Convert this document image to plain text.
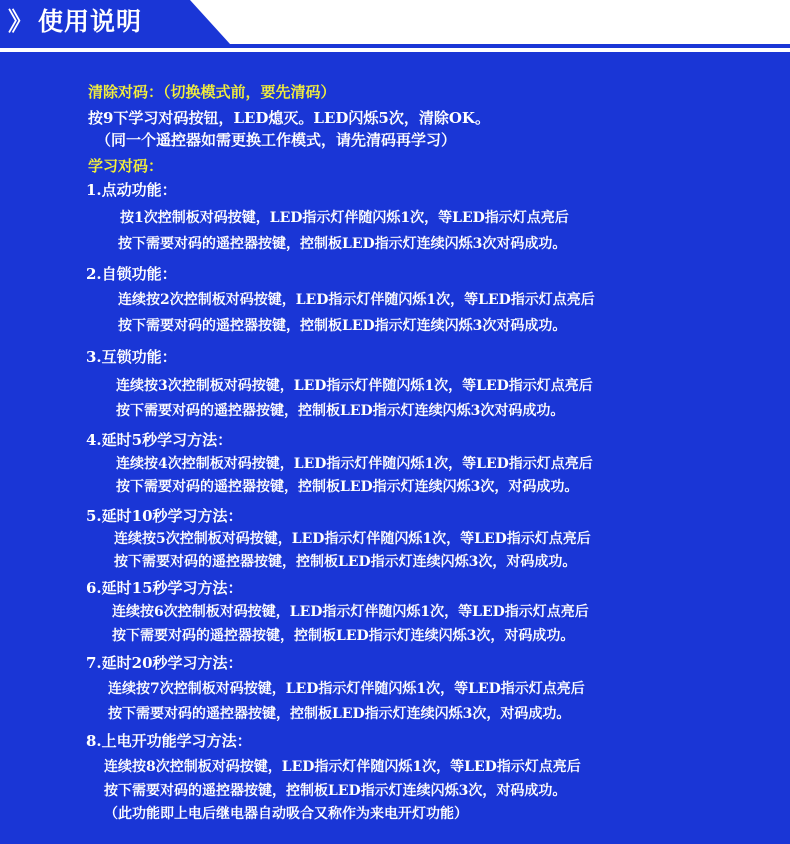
》 使用说明
清除对码：（切换模式前，要先清码）
按9下学习对码按钮，LED熄灭。LED闪烁5次，清除OK。
（同一个遥控器如需更换工作模式，请先清码再学习）
学习对码：
1.点动功能：
按1次控制板对码按键，LED指示灯伴随闪烁1次，等LED指示灯点亮后
按下需要对码的遥控器按键，控制板LED指示灯连续闪烁3次对码成功。
2.自锁功能：
连续按2次控制板对码按键，LED指示灯伴随闪烁1次，等LED指示灯点亮后
按下需要对码的遥控器按键，控制板LED指示灯连续闪烁3次对码成功。
3.互锁功能：
连续按3次控制板对码按键，LED指示灯伴随闪烁1次，等LED指示灯点亮后
按下需要对码的遥控器按键，控制板LED指示灯连续闪烁3次对码成功。
4.延时5秒学习方法：
连续按4次控制板对码按键，LED指示灯伴随闪烁1次，等LED指示灯点亮后
按下需要对码的遥控器按键，控制板LED指示灯连续闪烁3次，对码成功。
5.延时10秒学习方法：
连续按5次控制板对码按键，LED指示灯伴随闪烁1次，等LED指示灯点亮后
按下需要对码的遥控器按键，控制板LED指示灯连续闪烁3次，对码成功。
6.延时15秒学习方法：
连续按6次控制板对码按键，LED指示灯伴随闪烁1次，等LED指示灯点亮后
按下需要对码的遥控器按键，控制板LED指示灯连续闪烁3次，对码成功。
7.延时20秒学习方法：
连续按7次控制板对码按键，LED指示灯伴随闪烁1次，等LED指示灯点亮后
按下需要对码的遥控器按键，控制板LED指示灯连续闪烁3次，对码成功。
8.上电开功能学习方法：
连续按8次控制板对码按键，LED指示灯伴随闪烁1次，等LED指示灯点亮后
按下需要对码的遥控器按键，控制板LED指示灯连续闪烁3次，对码成功。
（此功能即上电后继电器自动吸合又称作为来电开灯功能）
